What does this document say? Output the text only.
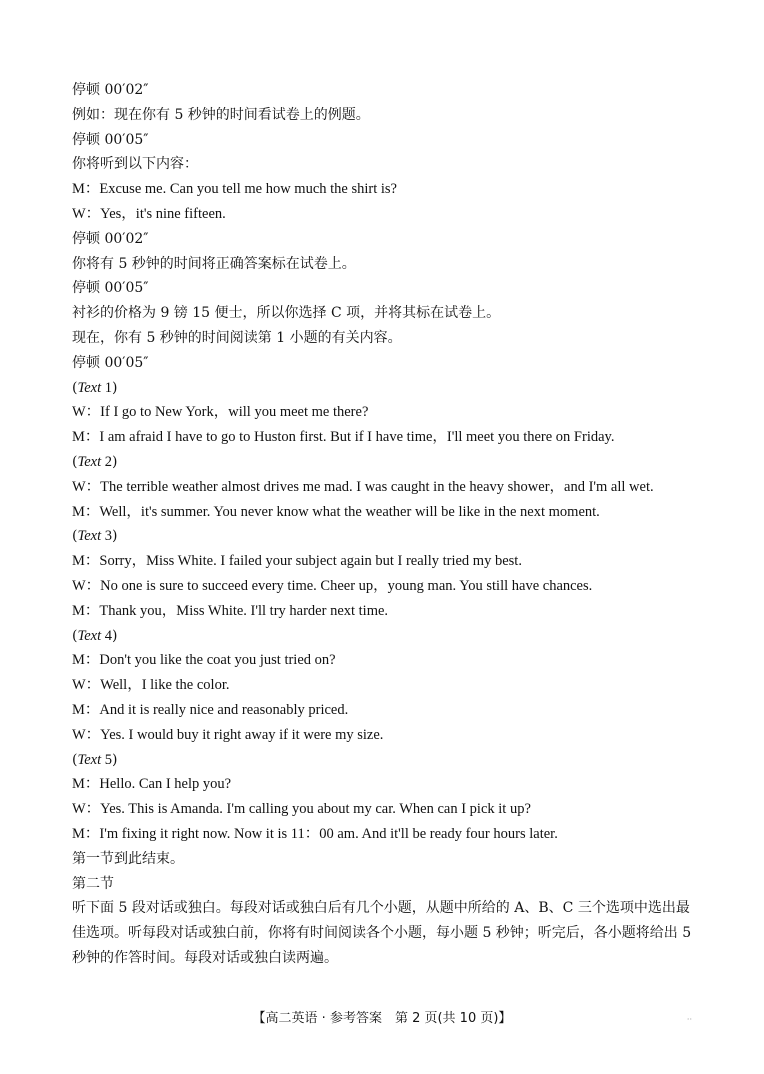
停顿 00′02″
例如：现在你有 5 秒钟的时间看试卷上的例题。
停顿 00′05″
你将听到以下内容：
M：Excuse me. Can you tell me how much the shirt is?
W：Yes，it's nine fifteen.
停顿 00′02″
你将有 5 秒钟的时间将正确答案标在试卷上。
停顿 00′05″
衬衫的价格为 9 镑 15 便士，所以你选择 C 项，并将其标在试卷上。
现在，你有 5 秒钟的时间阅读第 1 小题的有关内容。
停顿 00′05″
(Text 1)
W：If I go to New York，will you meet me there?
M：I am afraid I have to go to Huston first. But if I have time，I'll meet you there on Friday.
(Text 2)
W：The terrible weather almost drives me mad. I was caught in the heavy shower，and I'm all wet.
M：Well，it's summer. You never know what the weather will be like in the next moment.
(Text 3)
M：Sorry，Miss White. I failed your subject again but I really tried my best.
W：No one is sure to succeed every time. Cheer up，young man. You still have chances.
M：Thank you，Miss White. I'll try harder next time.
(Text 4)
M：Don't you like the coat you just tried on?
W：Well，I like the color.
M：And it is really nice and reasonably priced.
W：Yes. I would buy it right away if it were my size.
(Text 5)
M：Hello. Can I help you?
W：Yes. This is Amanda. I'm calling you about my car. When can I pick it up?
M：I'm fixing it right now. Now it is 11：00 am. And it'll be ready four hours later.
第一节到此结束。
第二节
听下面 5 段对话或独白。每段对话或独白后有几个小题，从题中所给的 A、B、C 三个选项中选出最佳选项。听每段对话或独白前，你将有时间阅读各个小题，每小题 5 秒钟；听完后，各小题将给出 5 秒钟的作答时间。每段对话或独白读两遍。
【高二英语 · 参考答案　第 2 页(共 10 页)】	··
